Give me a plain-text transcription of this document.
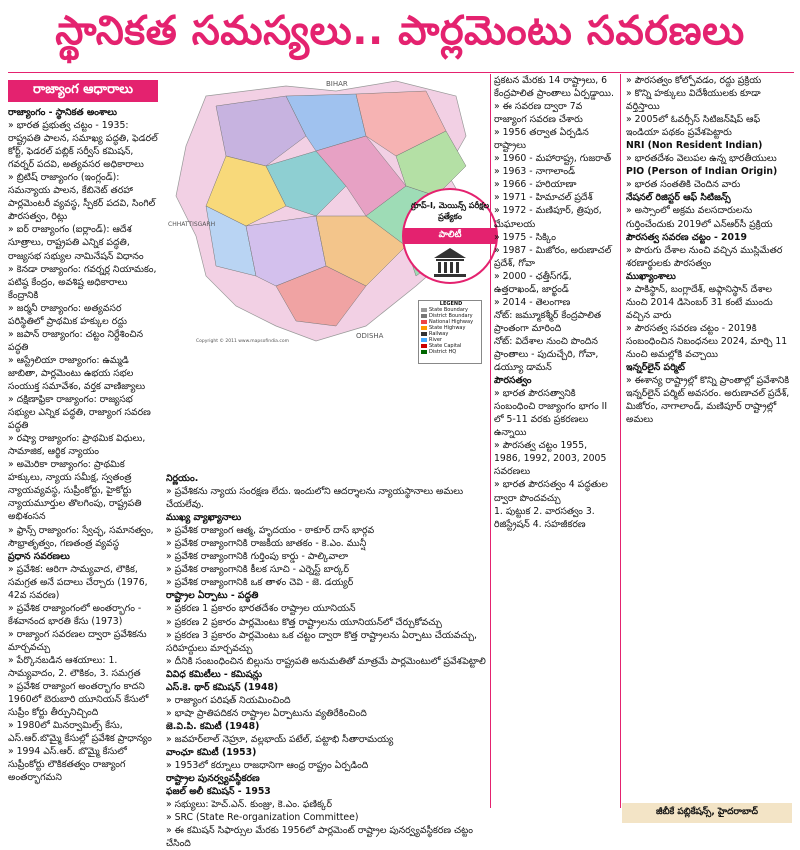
స్థానికత సమస్యలు.. పార్లమెంటు సవరణలు
రాజ్యాంగ ఆధారాలు

రాజ్యాంగం - స్థానికత అంశాలు

» భారత ప్రభుత్వ చట్టం - 1935: రాష్ట్రపతి పాలన, సమాఖ్య పద్ధతి, ఫెడరల్‌ కోర్ట్‌, ఫెడరల్‌ పబ్లిక్‌ సర్వీస్‌ కమిషన్‌, గవర్నర్‌ పదవి, అత్యవసర అధికారాలు

» బ్రిటిష్‌ రాజ్యాంగం (ఇంగ్లండ్‌): సమన్యాయ పాలన, కేబినెట్‌ తరహా పార్లమెంటరీ వ్యవస్థ, స్పీకర్‌ పదవి, సింగిల్‌ పౌరసత్వం, రిట్లు

» ఐర్‌ రాజ్యాంగం (ఐర్లాండ్‌): ఆదేశ సూత్రాలు, రాష్ట్రపతి ఎన్నిక పద్ధతి, రాజ్యసభ సభ్యుల నామినేషన్‌ విధానం

» కెనడా రాజ్యాంగం: గవర్నర్ల నియామకం, పటిష్ఠ కేంద్రం, అవశిష్ట అధికారాలు కేంద్రానికి

» జర్మనీ రాజ్యాంగం: అత్యవసర పరిస్థితిలో ప్రాథమిక హక్కుల రద్దు

» జపాన్‌ రాజ్యాంగం: చట్టం నిర్దేశించిన పద్ధతి

» ఆస్ట్రేలియా రాజ్యాంగం: ఉమ్మడి జాబితా, పార్లమెంటు ఉభయ సభల సంయుక్త సమావేశం, వర్తక వాణిజ్యాలు

» దక్షిణాఫ్రికా రాజ్యాంగం: రాజ్యసభ సభ్యుల ఎన్నిక పద్ధతి, రాజ్యాంగ సవరణ పద్ధతి

» రష్యా రాజ్యాంగం: ప్రాథమిక విధులు, సామాజిక, ఆర్థిక న్యాయం

» అమెరికా రాజ్యాంగం: ప్రాథమిక హక్కులు, న్యాయ సమీక్ష, స్వతంత్ర న్యాయవ్యవస్థ, సుప్రీంకోర్టు, హైకోర్టు న్యాయమూర్తుల తొలగింపు, రాష్ట్రపతి అభిశంసన

» ఫ్రాన్స్‌ రాజ్యాంగం: స్వేచ్ఛ, సమానత్వం, సౌభ్రాతృత్వం, గణతంత్ర వ్యవస్థ

ప్రధాన సవరణలు

» ప్రవేశిక: ఆరిగా సామ్యవాద, లౌకిక, సమగ్రత అనే పదాలు చేర్చారు (1976, 42వ సవరణ)

» ప్రవేశిక రాజ్యాంగంలో అంతర్భాగం - కేశవానంద భారతి కేసు (1973)

» రాజ్యాంగ సవరణల ద్వారా ప్రవేశికను మార్చవచ్చు

» పేర్కొనబడిన ఆశయాలు: 1. సామ్యవాదం, 2. లౌకికం, 3. సమగ్రత

» ప్రవేశిక రాజ్యాంగ అంతర్భాగం కాదని 1960లో బెరుబారి యూనియన్‌ కేసులో సుప్రీం కోర్టు తీర్పునిచ్చింది

» 1980లో మినర్వామిల్స్‌ కేసు, ఎస్‌.ఆర్‌.బొమ్మై కేసుల్లో ప్రవేశిక ప్రాధాన్యం

» 1994 ఎస్‌.ఆర్‌. బొమ్మై కేసులో సుప్రీంకోర్టు లౌకికతత్వం రాజ్యాంగ అంతర్భాగమని

BIHAR
CHHATTISGARH
ODISHA
Copyright © 2011 www.mapsofindia.com
LEGEND
State Boundary
District Boundary
National Highway
State Highway
Railway
River
State Capital
District HQ
గ్రూప్‌-I, మెయిన్స్‌ పరీక్షల ప్రత్యేకం
పాలిటీ

నిర్ణయం.

» ప్రవేశికను న్యాయ సంరక్షణ లేదు. ఇందులోని ఆదర్శాలను న్యాయస్థానాలు అమలు చేయలేవు.

ముఖ్య వ్యాఖ్యానాలు

» ప్రవేశిక రాజ్యాంగ ఆత్మ, హృదయం - ఠాకూర్‌ దాస్‌ భార్గవ

» ప్రవేశిక రాజ్యాంగానికి రాజకీయ జాతకం - కె.ఎం. మున్షీ

» ప్రవేశిక రాజ్యాంగానికి గుర్తింపు కార్డు - పాల్కివాలా

» ప్రవేశిక రాజ్యాంగానికి కీలక సూచి - ఎర్నెస్ట్‌ బార్కర్‌

» ప్రవేశిక రాజ్యాంగానికి ఒక తాళం చెవి - జె. డయ్యర్‌

రాష్ట్రాల ఏర్పాటు - పద్ధతి

» ప్రకరణ 1 ప్రకారం భారతదేశం రాష్ట్రాల యూనియన్‌

» ప్రకరణ 2 ప్రకారం పార్లమెంటు కొత్త రాష్ట్రాలను యూనియన్‌లో చేర్చుకోవచ్చు

» ప్రకరణ 3 ప్రకారం పార్లమెంటు ఒక చట్టం ద్వారా కొత్త రాష్ట్రాలను ఏర్పాటు చేయవచ్చు, సరిహద్దులు మార్చవచ్చు

» దీనికి సంబంధించిన బిల్లును రాష్ట్రపతి అనుమతితో మాత్రమే పార్లమెంటులో ప్రవేశపెట్టాలి

వివిధ కమిటీలు - కమిషన్లు

ఎస్‌.కె. థార్‌ కమిషన్‌ (1948)

» రాజ్యాంగ పరిషత్‌ నియమించింది

» భాషా ప్రాతిపదికన రాష్ట్రాల ఏర్పాటును వ్యతిరేకించింది

జె.వి.పి. కమిటీ (1948)

» జవహర్‌లాల్‌ నెహ్రూ, వల్లభాయ్‌ పటేల్‌, పట్టాభి సీతారామయ్య

వాంఛూ కమిటీ (1953)

» 1953లో కర్నూలు రాజధానిగా ఆంధ్ర రాష్ట్రం ఏర్పడింది

రాష్ట్రాల పునర్వ్యవస్థీకరణ

ఫజల్‌ అలీ కమిషన్‌ - 1953

» సభ్యులు: హెచ్‌.ఎన్‌. కుంజ్రు, కె.ఎం. ఫణిక్కర్‌

» SRC (State Re-organization Committee)

» ఈ కమిషన్‌ సిఫార్సుల మేరకు 1956లో పార్లమెంట్‌ రాష్ట్రాల పునర్వ్యవస్థీకరణ చట్టం చేసింది

ప్రకటన మేరకు 14 రాష్ట్రాలు, 6 కేంద్రపాలిత ప్రాంతాలు ఏర్పడ్డాయి.

» ఈ సవరణ ద్వారా 7వ రాజ్యాంగ సవరణ చేశారు

» 1956 తర్వాత ఏర్పడిన రాష్ట్రాలు

» 1960 - మహారాష్ట్ర, గుజరాత్‌

» 1963 - నాగాలాండ్‌

» 1966 - హరియాణా

» 1971 - హిమాచల్‌ ప్రదేశ్‌

» 1972 - మణిపూర్‌, త్రిపుర, మేఘాలయ

» 1975 - సిక్కిం

» 1987 - మిజోరం, అరుణాచల్‌ ప్రదేశ్‌, గోవా

» 2000 - ఛత్తీస్‌గఢ్‌, ఉత్తరాఖండ్‌, జార్ఖండ్‌

» 2014 - తెలంగాణ

నోట్‌: జమ్మూకశ్మీర్‌ కేంద్రపాలిత ప్రాంతంగా మారింది

నోట్‌: విదేశాల నుంచి పొందిన ప్రాంతాలు - పుదుచ్చేరి, గోవా, డయ్యూ డామన్‌

పౌరసత్వం

» భారత పౌరసత్వానికి సంబంధించి రాజ్యాంగం భాగం II లో 5-11 వరకు ప్రకరణలు ఉన్నాయి

» పౌరసత్వ చట్టం 1955, 1986, 1992, 2003, 2005 సవరణలు

» భారత పౌరసత్వం 4 పద్ధతుల ద్వారా పొందవచ్చు

1. పుట్టుక 2. వారసత్వం 3. రిజిస్ట్రేషన్‌ 4. సహజీకరణ

» పౌరసత్వం కోల్పోవడం, రద్దు ప్రక్రియ

» కొన్ని హక్కులు విదేశీయులకు కూడా వర్తిస్తాయి

» 2005లో ఓవర్సీస్‌ సిటిజన్‌షిప్‌ ఆఫ్‌ ఇండియా పథకం ప్రవేశపెట్టారు

NRI (Non Resident Indian)

» భారతదేశం వెలుపల ఉన్న భారతీయులు

PIO (Person of Indian Origin)

» భారత సంతతికి చెందిన వారు

నేషనల్‌ రిజిస్టర్‌ ఆఫ్‌ సిటిజన్స్‌

» అస్సాంలో అక్రమ వలసదారులను గుర్తించేందుకు 2019లో ఎన్‌ఆర్‌సీ ప్రక్రియ

పౌరసత్వ సవరణ చట్టం - 2019

» పొరుగు దేశాల నుంచి వచ్చిన ముస్లిమేతర శరణార్థులకు పౌరసత్వం

ముఖ్యాంశాలు

» పాకిస్థాన్‌, బంగ్లాదేశ్‌, అఫ్గానిస్థాన్‌ దేశాల నుంచి 2014 డిసెంబర్‌ 31 కంటే ముందు వచ్చిన వారు

» పౌరసత్వ సవరణ చట్టం - 2019కి సంబంధించిన నిబంధనలు 2024, మార్చి 11 నుంచి అమల్లోకి వచ్చాయి

ఇన్నర్‌లైన్‌ పర్మిట్‌

» ఈశాన్య రాష్ట్రాల్లో కొన్ని ప్రాంతాల్లో ప్రవేశానికి ఇన్నర్‌లైన్‌ పర్మిట్‌ అవసరం. అరుణాచల్‌ ప్రదేశ్‌, మిజోరం, నాగాలాండ్‌, మణిపూర్‌ రాష్ట్రాల్లో అమలు

జీబీకే పబ్లికేషన్స్‌, హైదరాబాద్‌
